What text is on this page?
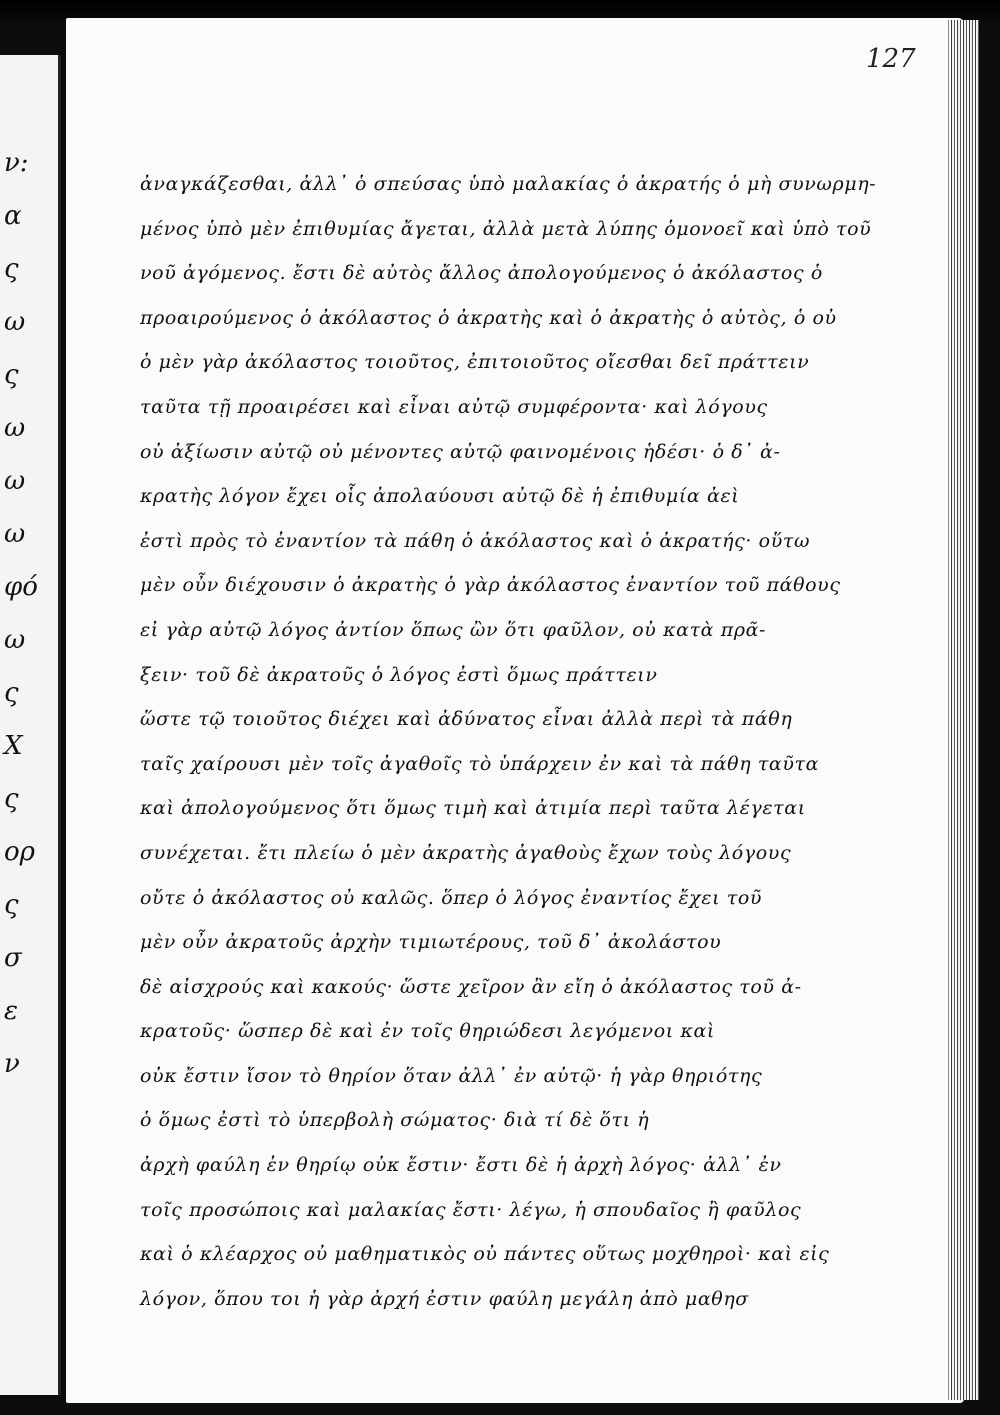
ν:
α
ς
ω
ς
ω
ω
ω
φό
ω
ς
Χ
ς
ορ
ς
σ
ε
ν
127
ἀναγκάζεσθαι, ἀλλ᾽ ὁ σπεύσας ὑπὸ μαλακίας ὁ ἀκρατής ὁ μὴ συνωρμη-
μένος ὑπὸ μὲν ἐπιθυμίας ἄγεται, ἀλλὰ μετὰ λύπης ὁμονοεῖ καὶ ὑπὸ τοῦ
νοῦ ἀγόμενος. ἔστι δὲ αὐτὸς ἄλλος ἀπολογούμενος ὁ ἀκόλαστος ὁ
προαιρούμενος ὁ ἀκόλαστος ὁ ἀκρατὴς καὶ ὁ ἀκρατὴς ὁ αὐτὸς, ὁ οὐ
ὁ μὲν γὰρ ἀκόλαστος τοιοῦτος, ἐπιτοιοῦτος οἴεσθαι δεῖ πράττειν
ταῦτα τῇ προαιρέσει καὶ εἶναι αὐτῷ συμφέροντα· καὶ λόγους
οὐ ἀξίωσιν αὐτῷ οὐ μένοντες αὐτῷ φαινομένοις ἡδέσι· ὁ δ᾽ ἀ-
κρατὴς λόγον ἔχει οἷς ἀπολαύουσι αὐτῷ δὲ ἡ ἐπιθυμία ἀεὶ
ἐστὶ πρὸς τὸ ἐναντίον τὰ πάθη ὁ ἀκόλαστος καὶ ὁ ἀκρατής· οὕτω
μὲν οὖν διέχουσιν ὁ ἀκρατὴς ὁ γὰρ ἀκόλαστος ἐναντίον τοῦ πάθους
εἰ γὰρ αὐτῷ λόγος ἀντίον ὅπως ὢν ὅτι φαῦλον, οὐ κατὰ πρᾶ-
ξειν· τοῦ δὲ ἀκρατοῦς ὁ λόγος ἐστὶ ὅμως πράττειν
ὥστε τῷ τοιοῦτος διέχει καὶ ἀδύνατος εἶναι ἀλλὰ περὶ τὰ πάθη
ταῖς χαίρουσι μὲν τοῖς ἀγαθοῖς τὸ ὑπάρχειν ἐν καὶ τὰ πάθη ταῦτα
καὶ ἀπολογούμενος ὅτι ὅμως τιμὴ καὶ ἀτιμία περὶ ταῦτα λέγεται
συνέχεται. ἔτι πλείω ὁ μὲν ἀκρατὴς ἀγαθοὺς ἔχων τοὺς λόγους
οὔτε ὁ ἀκόλαστος οὐ καλῶς. ὅπερ ὁ λόγος ἐναντίος ἔχει τοῦ
μὲν οὖν ἀκρατοῦς ἀρχὴν τιμιωτέρους, τοῦ δ᾽ ἀκολάστου
δὲ αἰσχρούς καὶ κακούς· ὥστε χεῖρον ἂν εἴη ὁ ἀκόλαστος τοῦ ἀ-
κρατοῦς· ὥσπερ δὲ καὶ ἐν τοῖς θηριώδεσι λεγόμενοι καὶ
οὐκ ἔστιν ἴσον τὸ θηρίον ὅταν ἀλλ᾽ ἐν αὐτῷ· ἡ γὰρ θηριότης
ὁ ὅμως ἐστὶ τὸ ὑπερβολὴ σώματος· διὰ τί δὲ ὅτι ἡ
ἀρχὴ φαύλη ἐν θηρίῳ οὐκ ἔστιν· ἔστι δὲ ἡ ἀρχὴ λόγος· ἀλλ᾽ ἐν
τοῖς προσώποις καὶ μαλακίας ἔστι· λέγω, ἡ σπουδαῖος ἢ φαῦλος
καὶ ὁ κλέαρχος οὐ μαθηματικὸς οὐ πάντες οὕτως μοχθηροὶ· καὶ εἰς
λόγον, ὅπου τοι ἡ γὰρ ἀρχή ἐστιν φαύλη μεγάλη ἀπὸ μαθησ
